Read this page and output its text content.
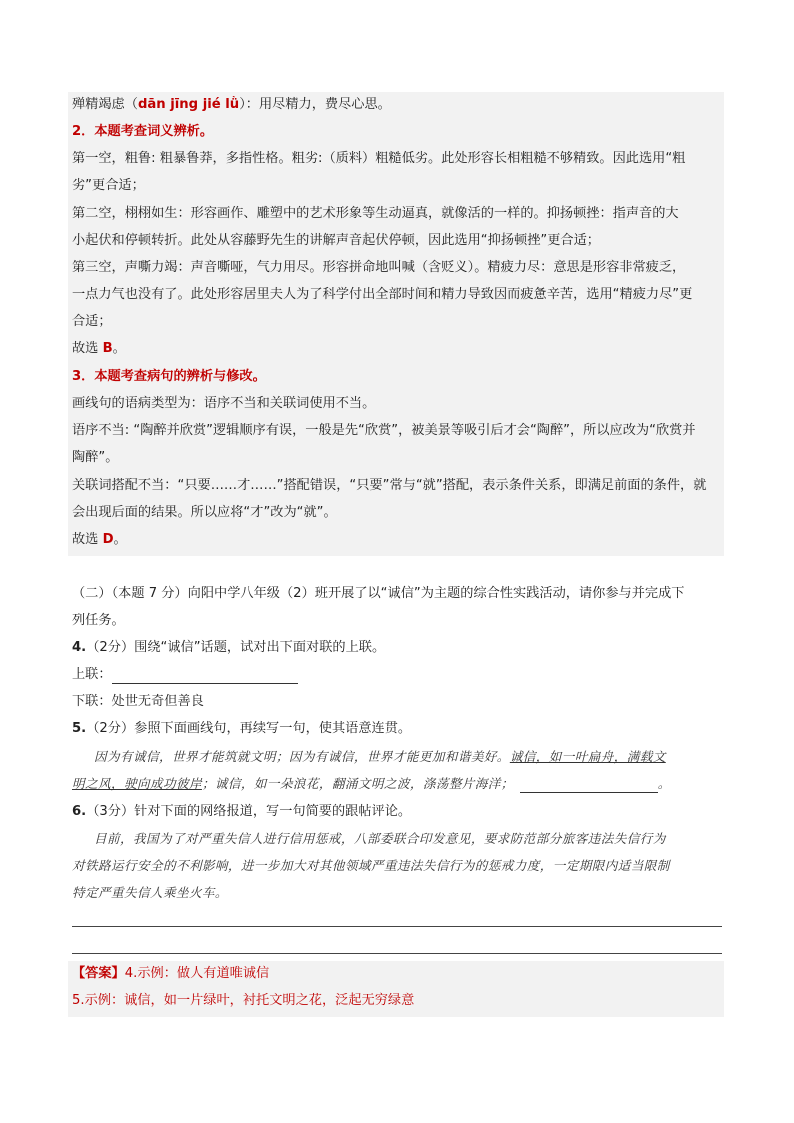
殚精竭虑（dān jīng jié lǜ）：用尽精力，费尽心思。
2．本题考查词义辨析。
第一空，粗鲁: 粗暴鲁莽，多指性格。粗劣:（质料）粗糙低劣。此处形容长相粗糙不够精致。因此选用“粗
劣”更合适；
第二空，栩栩如生：形容画作、雕塑中的艺术形象等生动逼真，就像活的一样的。抑扬顿挫：指声音的大
小起伏和停顿转折。此处从容藤野先生的讲解声音起伏停顿，因此选用“抑扬顿挫”更合适；
第三空，声嘶力竭：声音嘶哑，气力用尽。形容拼命地叫喊（含贬义）。精疲力尽：意思是形容非常疲乏，
一点力气也没有了。此处形容居里夫人为了科学付出全部时间和精力导致因而疲惫辛苦，选用“精疲力尽”更
合适；
故选 B。
3．本题考查病句的辨析与修改。
画线句的语病类型为：语序不当和关联词使用不当。
语序不当: “陶醉并欣赏”逻辑顺序有误，一般是先“欣赏”，被美景等吸引后才会“陶醉”，所以应改为“欣赏并
陶醉”。
关联词搭配不当：“只要……才……”搭配错误，“只要”常与“就”搭配，表示条件关系，即满足前面的条件，就
会出现后面的结果。所以应将“才”改为“就”。
故选 D。
（二）（本题 7 分）向阳中学八年级（2）班开展了以“诚信”为主题的综合性实践活动，请你参与并完成下
列任务。
4.（2分）围绕“诚信”话题，试对出下面对联的上联。
上联：
下联：处世无奇但善良
5.（2分）参照下面画线句，再续写一句，使其语意连贯。
因为有诚信，世界才能筑就文明；因为有诚信，世界才能更加和谐美好。诚信，如一叶扁舟，满载文
明之风，驶向成功彼岸；诚信，如一朵浪花，翻涌文明之波，涤荡整片海洋；	。
6.（3分）针对下面的网络报道，写一句简要的跟帖评论。
目前，我国为了对严重失信人进行信用惩戒，八部委联合印发意见，要求防范部分旅客违法失信行为
对铁路运行安全的不利影响，进一步加大对其他领域严重违法失信行为的惩戒力度，一定期限内适当限制
特定严重失信人乘坐火车。
【答案】4.示例：做人有道唯诚信
5.示例：诚信，如一片绿叶，衬托文明之花，泛起无穷绿意
